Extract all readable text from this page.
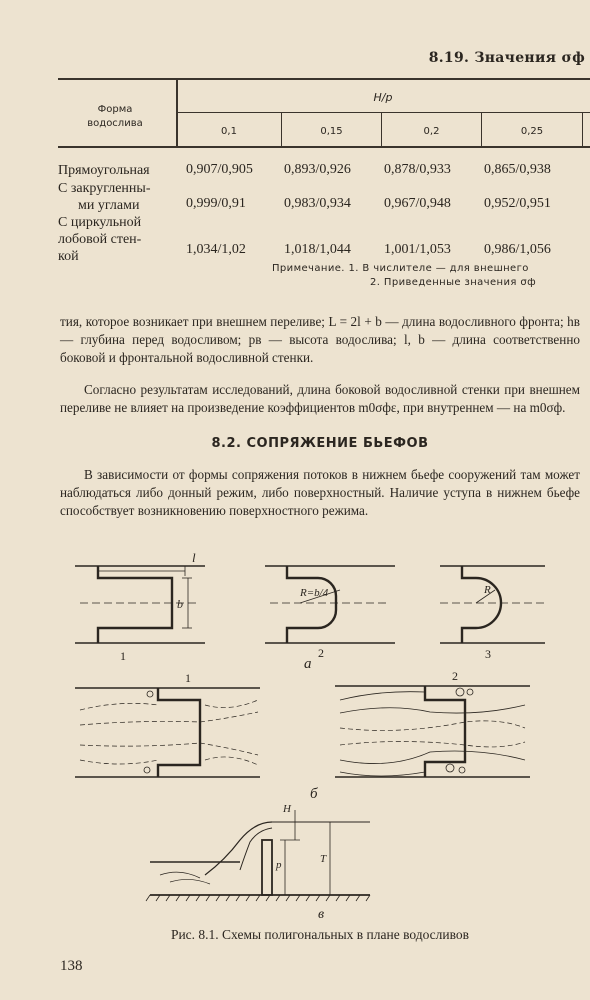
8.19. Значения σф
Форма
водослива
H/p
0,1	0,15	0,2	0,25
Прямоугольная	0,907/0,905 0,893/0,926 0,878/0,933 0,865/0,938
С закругленны-
ми углами	0,999/0,91	0,983/0,934 0,967/0,948 0,952/0,951
С циркульной
лобовой стен-
кой	1,034/1,02	1,018/1,044 1,001/1,053 0,986/1,056
Примечание. 1. В числителе — для внешнего
2. Приведенные значения σф
тия, которое возникает при внешнем переливе; L = 2l + b — длина водосливного фронта; hв — глубина перед водосливом; pв — высота водослива; l, b — длина соответственно боковой и фронтальной водосливной стенки.
Согласно результатам исследований, длина боковой водосливной стенки при внешнем переливе не влияет на произведение коэффициентов m0σфε, при внутреннем — на m0σф.
8.2. СОПРЯЖЕНИЕ БЬЕФОВ
В зависимости от формы сопряжения потоков в нижнем бьефе сооружений там может наблюдаться либо донный режим, либо поверхностный. Наличие уступа в нижнем бьефе способствует возникновению поверхностного режима.
l
b
R=b/4	R
1	2	3
а
1	2
б
H
p	T
в
Рис. 8.1. Схемы полигональных в плане водосливов
138
